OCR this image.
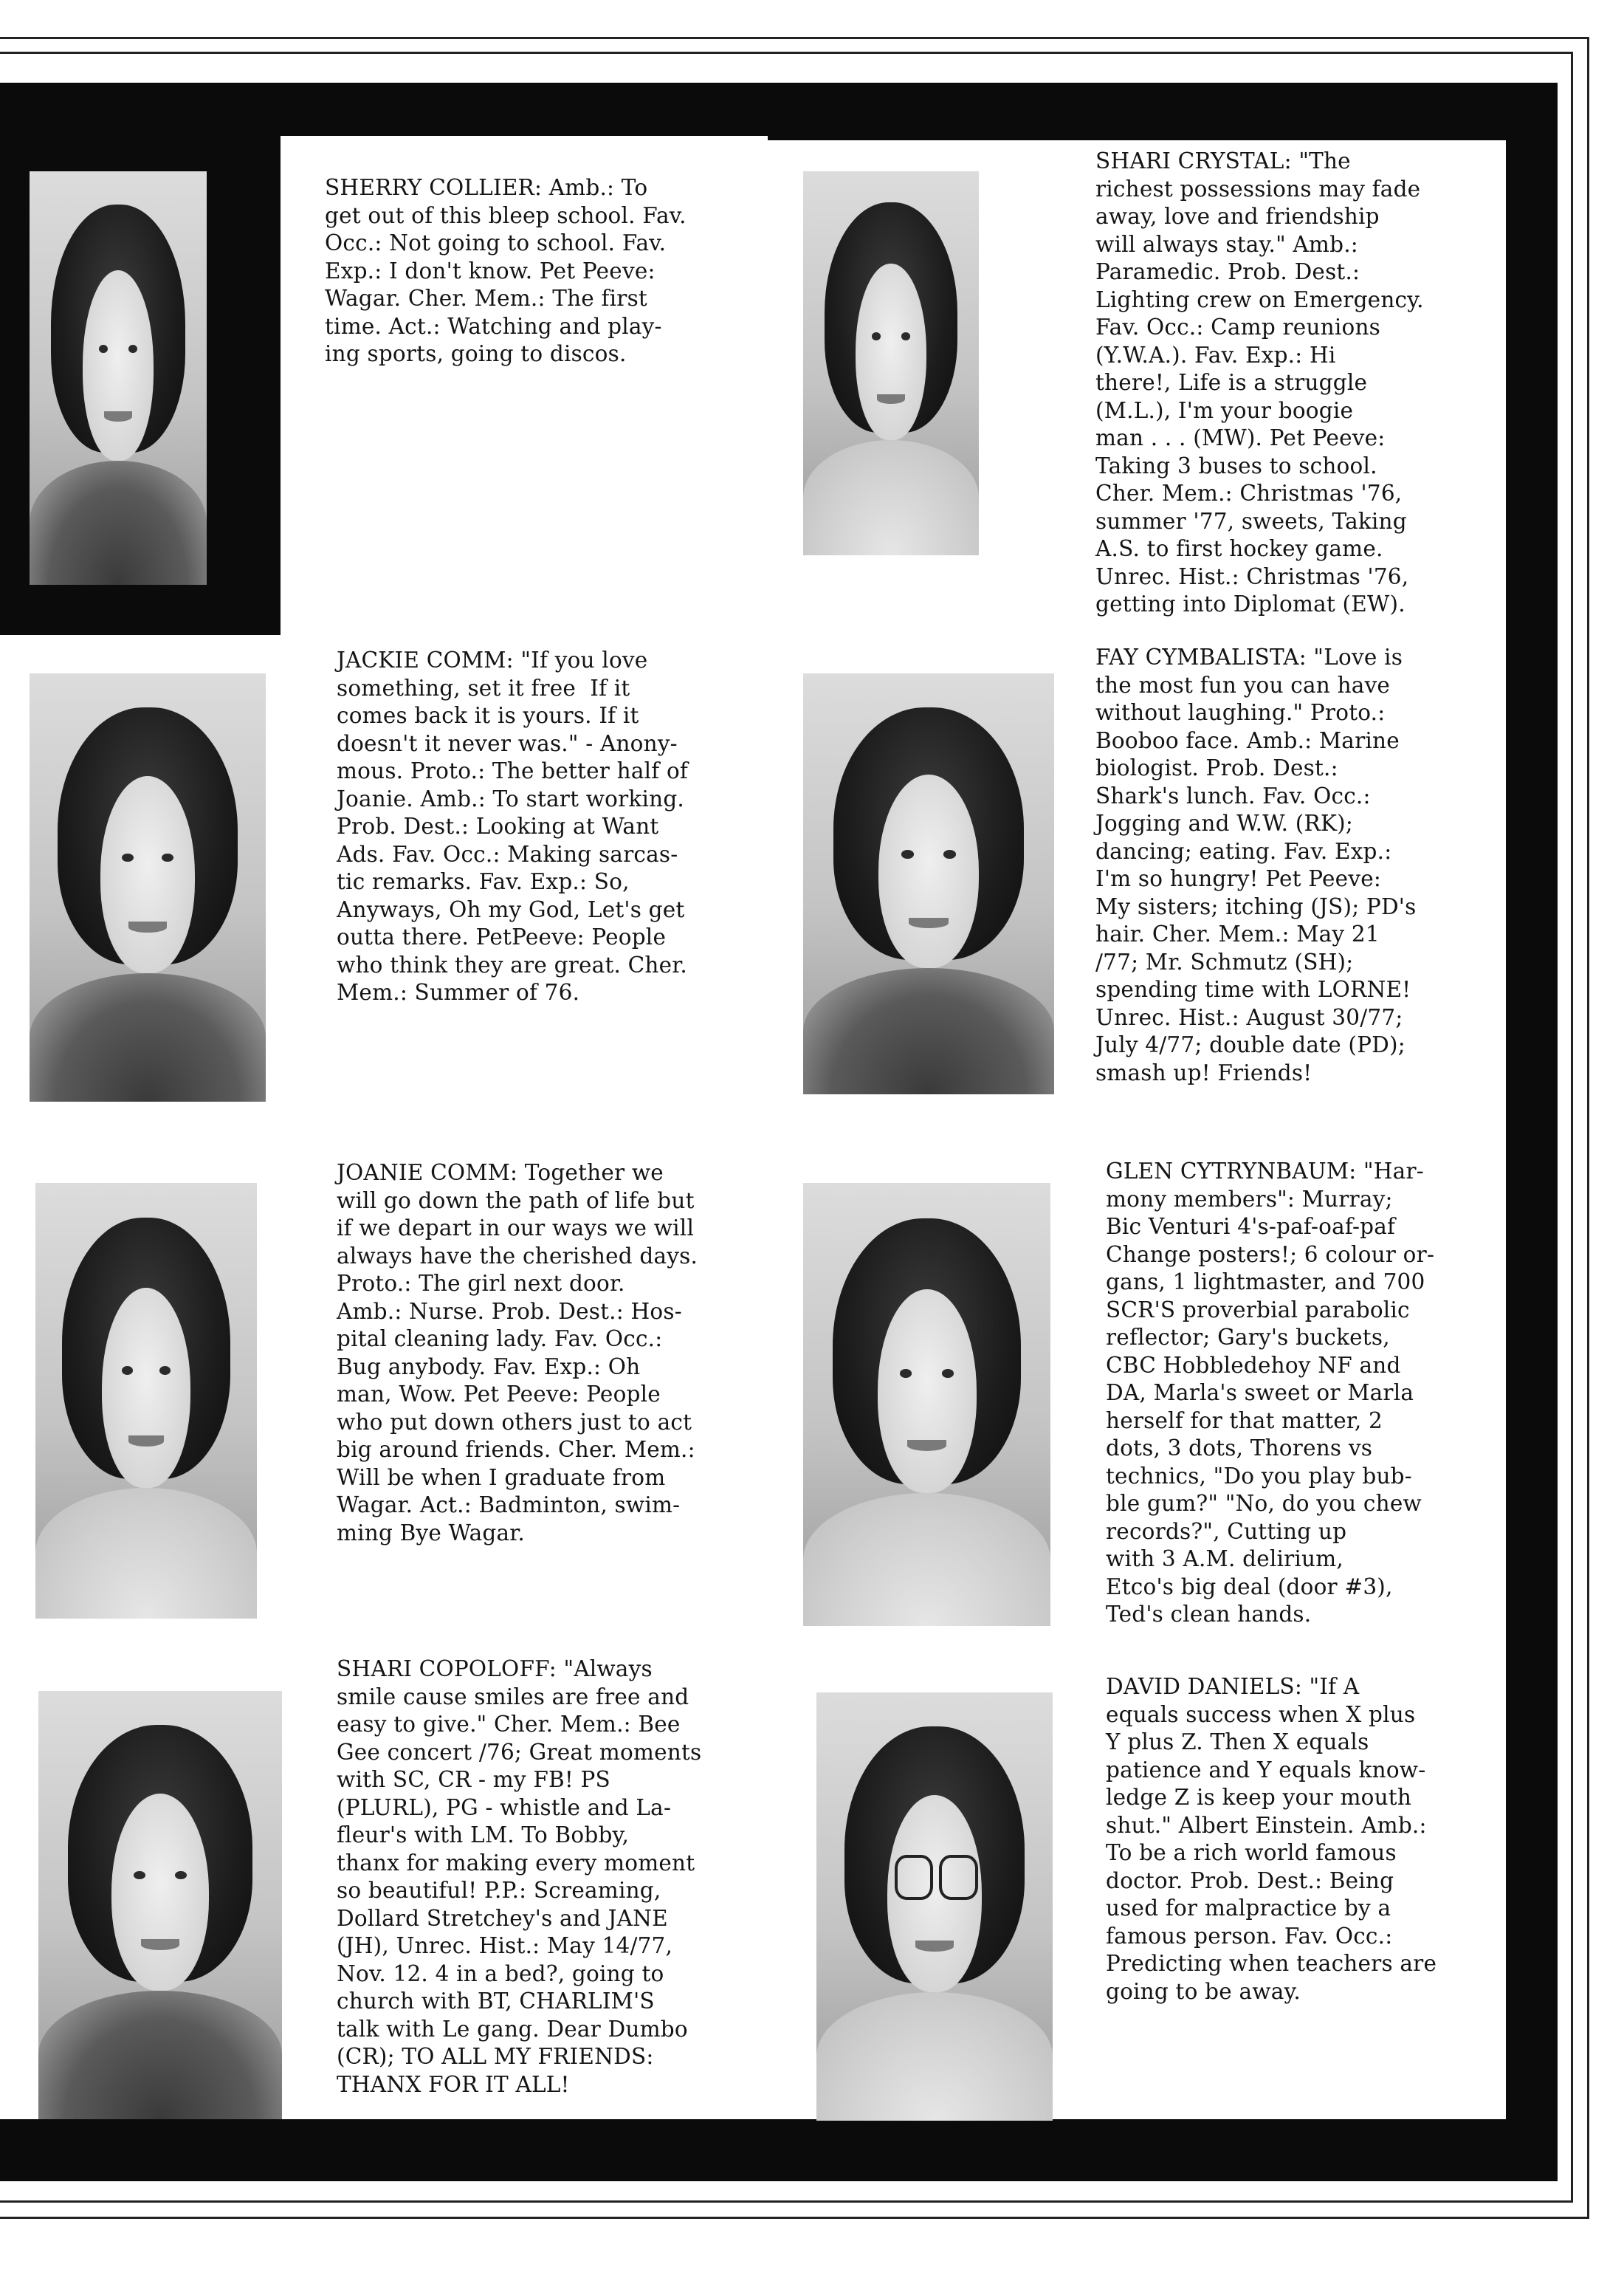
SHERRY COLLIER: Amb.: To
get out of this bleep school. Fav.
Occ.: Not going to school. Fav.
Exp.: I don't know. Pet Peeve:
Wagar. Cher. Mem.: The first
time. Act.: Watching and play-
ing sports, going to discos.

SHARI CRYSTAL: "The
richest possessions may fade
away, love and friendship
will always stay." Amb.:
Paramedic. Prob. Dest.:
Lighting crew on Emergency.
Fav. Occ.: Camp reunions
(Y.W.A.). Fav. Exp.: Hi
there!, Life is a struggle
(M.L.), I'm your boogie
man . . . (MW). Pet Peeve:
Taking 3 buses to school.
Cher. Mem.: Christmas '76,
summer '77, sweets, Taking
A.S. to first hockey game.
Unrec. Hist.: Christmas '76,
getting into Diplomat (EW).

JACKIE COMM: "If you love
something, set it free  If it
comes back it is yours. If it
doesn't it never was." - Anony-
mous. Proto.: The better half of
Joanie. Amb.: To start working.
Prob. Dest.: Looking at Want
Ads. Fav. Occ.: Making sarcas-
tic remarks. Fav. Exp.: So,
Anyways, Oh my God, Let's get
outta there. PetPeeve: People
who think they are great. Cher.
Mem.: Summer of 76.

FAY CYMBALISTA: "Love is
the most fun you can have
without laughing." Proto.:
Booboo face. Amb.: Marine
biologist. Prob. Dest.:
Shark's lunch. Fav. Occ.:
Jogging and W.W. (RK);
dancing; eating. Fav. Exp.:
I'm so hungry! Pet Peeve:
My sisters; itching (JS); PD's
hair. Cher. Mem.: May 21
/77; Mr. Schmutz (SH);
spending time with LORNE!
Unrec. Hist.: August 30/77;
July 4/77; double date (PD);
smash up! Friends!

JOANIE COMM: Together we
will go down the path of life but
if we depart in our ways we will
always have the cherished days.
Proto.: The girl next door.
Amb.: Nurse. Prob. Dest.: Hos-
pital cleaning lady. Fav. Occ.:
Bug anybody. Fav. Exp.: Oh
man, Wow. Pet Peeve: People
who put down others just to act
big around friends. Cher. Mem.:
Will be when I graduate from
Wagar. Act.: Badminton, swim-
ming Bye Wagar.

GLEN CYTRYNBAUM: "Har-
mony members": Murray;
Bic Venturi 4's-paf-oaf-paf
Change posters!; 6 colour or-
gans, 1 lightmaster, and 700
SCR'S proverbial parabolic
reflector; Gary's buckets,
CBC Hobbledehoy NF and
DA, Marla's sweet or Marla
herself for that matter, 2
dots, 3 dots, Thorens vs
technics, "Do you play bub-
ble gum?" "No, do you chew
records?", Cutting up
with 3 A.M. delirium,
Etco's big deal (door #3),
Ted's clean hands.

SHARI COPOLOFF: "Always
smile cause smiles are free and
easy to give." Cher. Mem.: Bee
Gee concert /76; Great moments
with SC, CR - my FB! PS
(PLURL), PG - whistle and La-
fleur's with LM. To Bobby,
thanx for making every moment
so beautiful! P.P.: Screaming,
Dollard Stretchey's and JANE
(JH), Unrec. Hist.: May 14/77,
Nov. 12. 4 in a bed?, going to
church with BT, CHARLIM'S
talk with Le gang. Dear Dumbo
(CR); TO ALL MY FRIENDS:
THANX FOR IT ALL!

DAVID DANIELS: "If A
equals success when X plus
Y plus Z. Then X equals
patience and Y equals know-
ledge Z is keep your mouth
shut." Albert Einstein. Amb.:
To be a rich world famous
doctor. Prob. Dest.: Being
used for malpractice by a
famous person. Fav. Occ.:
Predicting when teachers are
going to be away.
